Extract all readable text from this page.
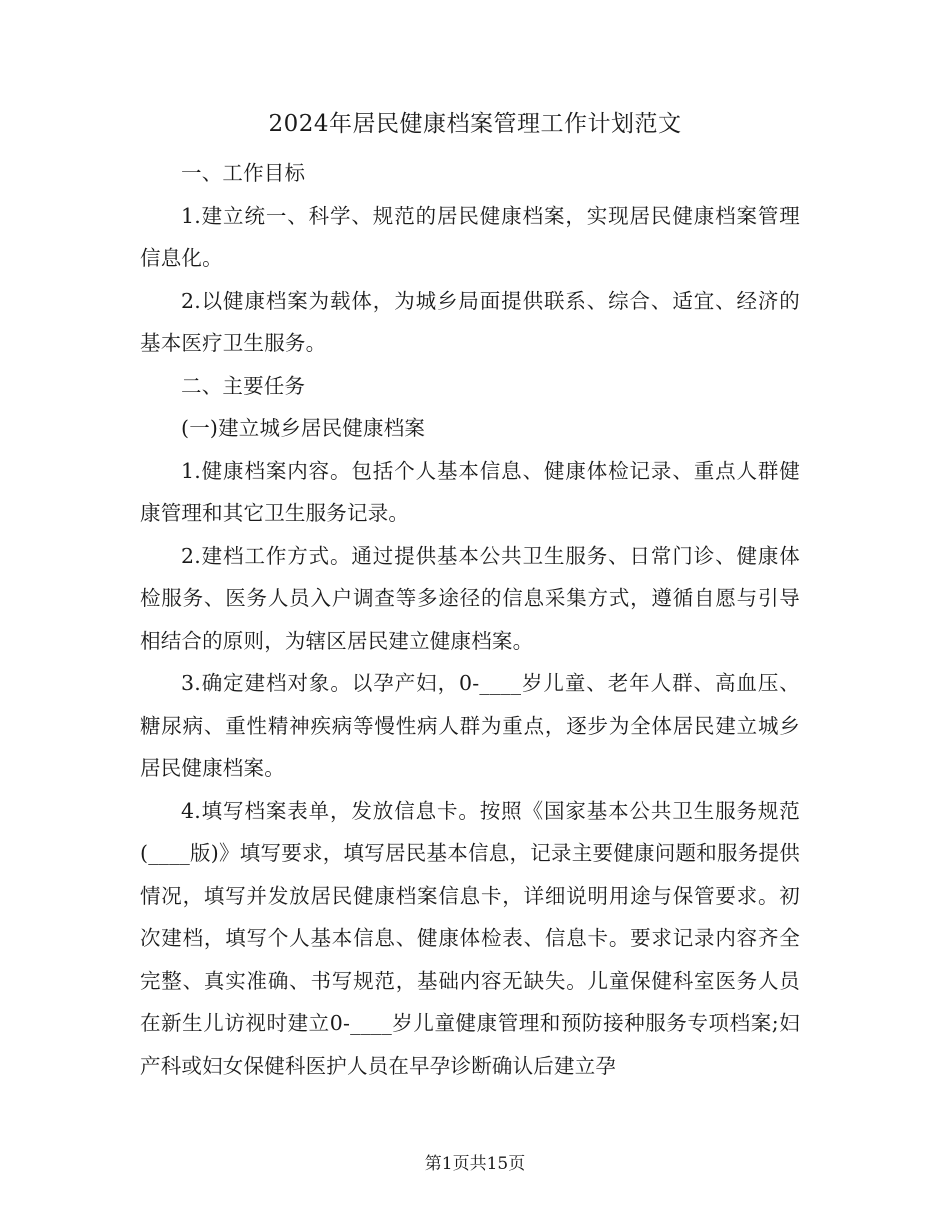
2024年居民健康档案管理工作计划范文

一、工作目标

1.建立统一、科学、规范的居民健康档案，实现居民健康档案管理信息化。

2.以健康档案为载体，为城乡局面提供联系、综合、适宜、经济的基本医疗卫生服务。

二、主要任务

(一)建立城乡居民健康档案

1.健康档案内容。包括个人基本信息、健康体检记录、重点人群健康管理和其它卫生服务记录。

2.建档工作方式。通过提供基本公共卫生服务、日常门诊、健康体检服务、医务人员入户调查等多途径的信息采集方式，遵循自愿与引导相结合的原则，为辖区居民建立健康档案。

3.确定建档对象。以孕产妇，0-____岁儿童、老年人群、高血压、糖尿病、重性精神疾病等慢性病人群为重点，逐步为全体居民建立城乡居民健康档案。

4.填写档案表单，发放信息卡。按照《国家基本公共卫生服务规范(____版)》填写要求，填写居民基本信息，记录主要健康问题和服务提供情况，填写并发放居民健康档案信息卡，详细说明用途与保管要求。初次建档，填写个人基本信息、健康体检表、信息卡。要求记录内容齐全完整、真实准确、书写规范，基础内容无缺失。儿童保健科室医务人员在新生儿访视时建立0-____岁儿童健康管理和预防接种服务专项档案;妇产科或妇女保健科医护人员在早孕诊断确认后建立孕

第1页共15页
